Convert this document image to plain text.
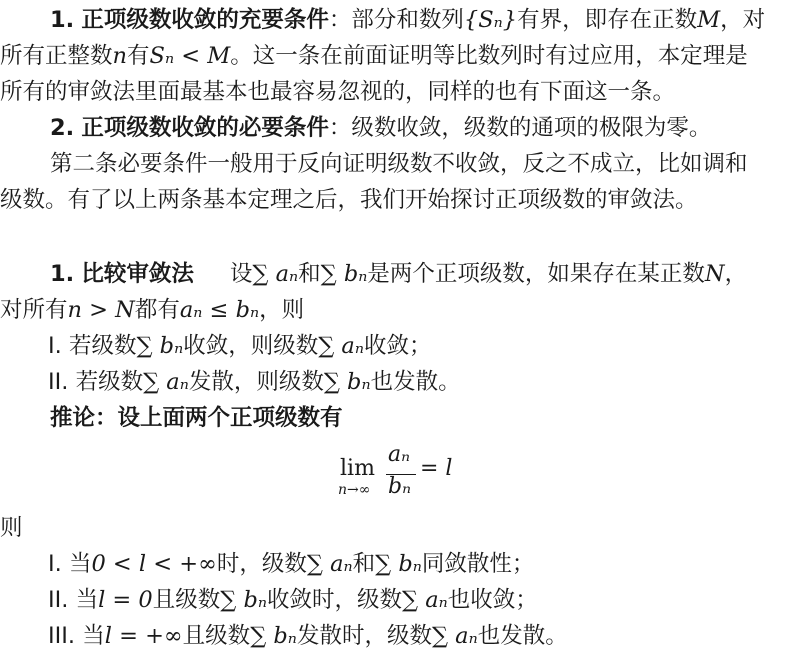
1. 正项级数收敛的充要条件：部分和数列{Sₙ}有界，即存在正数M，对
所有正整数n有Sₙ < M。这一条在前面证明等比数列时有过应用，本定理是
所有的审敛法里面最基本也最容易忽视的，同样的也有下面这一条。
2. 正项级数收敛的必要条件：级数收敛，级数的通项的极限为零。
第二条必要条件一般用于反向证明级数不收敛，反之不成立，比如调和
级数。有了以上两条基本定理之后，我们开始探讨正项级数的审敛法。
1. 比较审敛法 设∑ aₙ和∑ bₙ是两个正项级数，如果存在某正数N，
对所有n > N都有aₙ ≤ bₙ，则
I. 若级数∑ bₙ收敛，则级数∑ aₙ收敛；
II. 若级数∑ aₙ发散，则级数∑ bₙ也发散。
推论：设上面两个正项级数有
lim
n→∞
aₙ
bₙ
= l
则
I. 当0 < l < +∞时，级数∑ aₙ和∑ bₙ同敛散性；
II. 当l = 0且级数∑ bₙ收敛时，级数∑ aₙ也收敛；
III. 当l = +∞且级数∑ bₙ发散时，级数∑ aₙ也发散。
